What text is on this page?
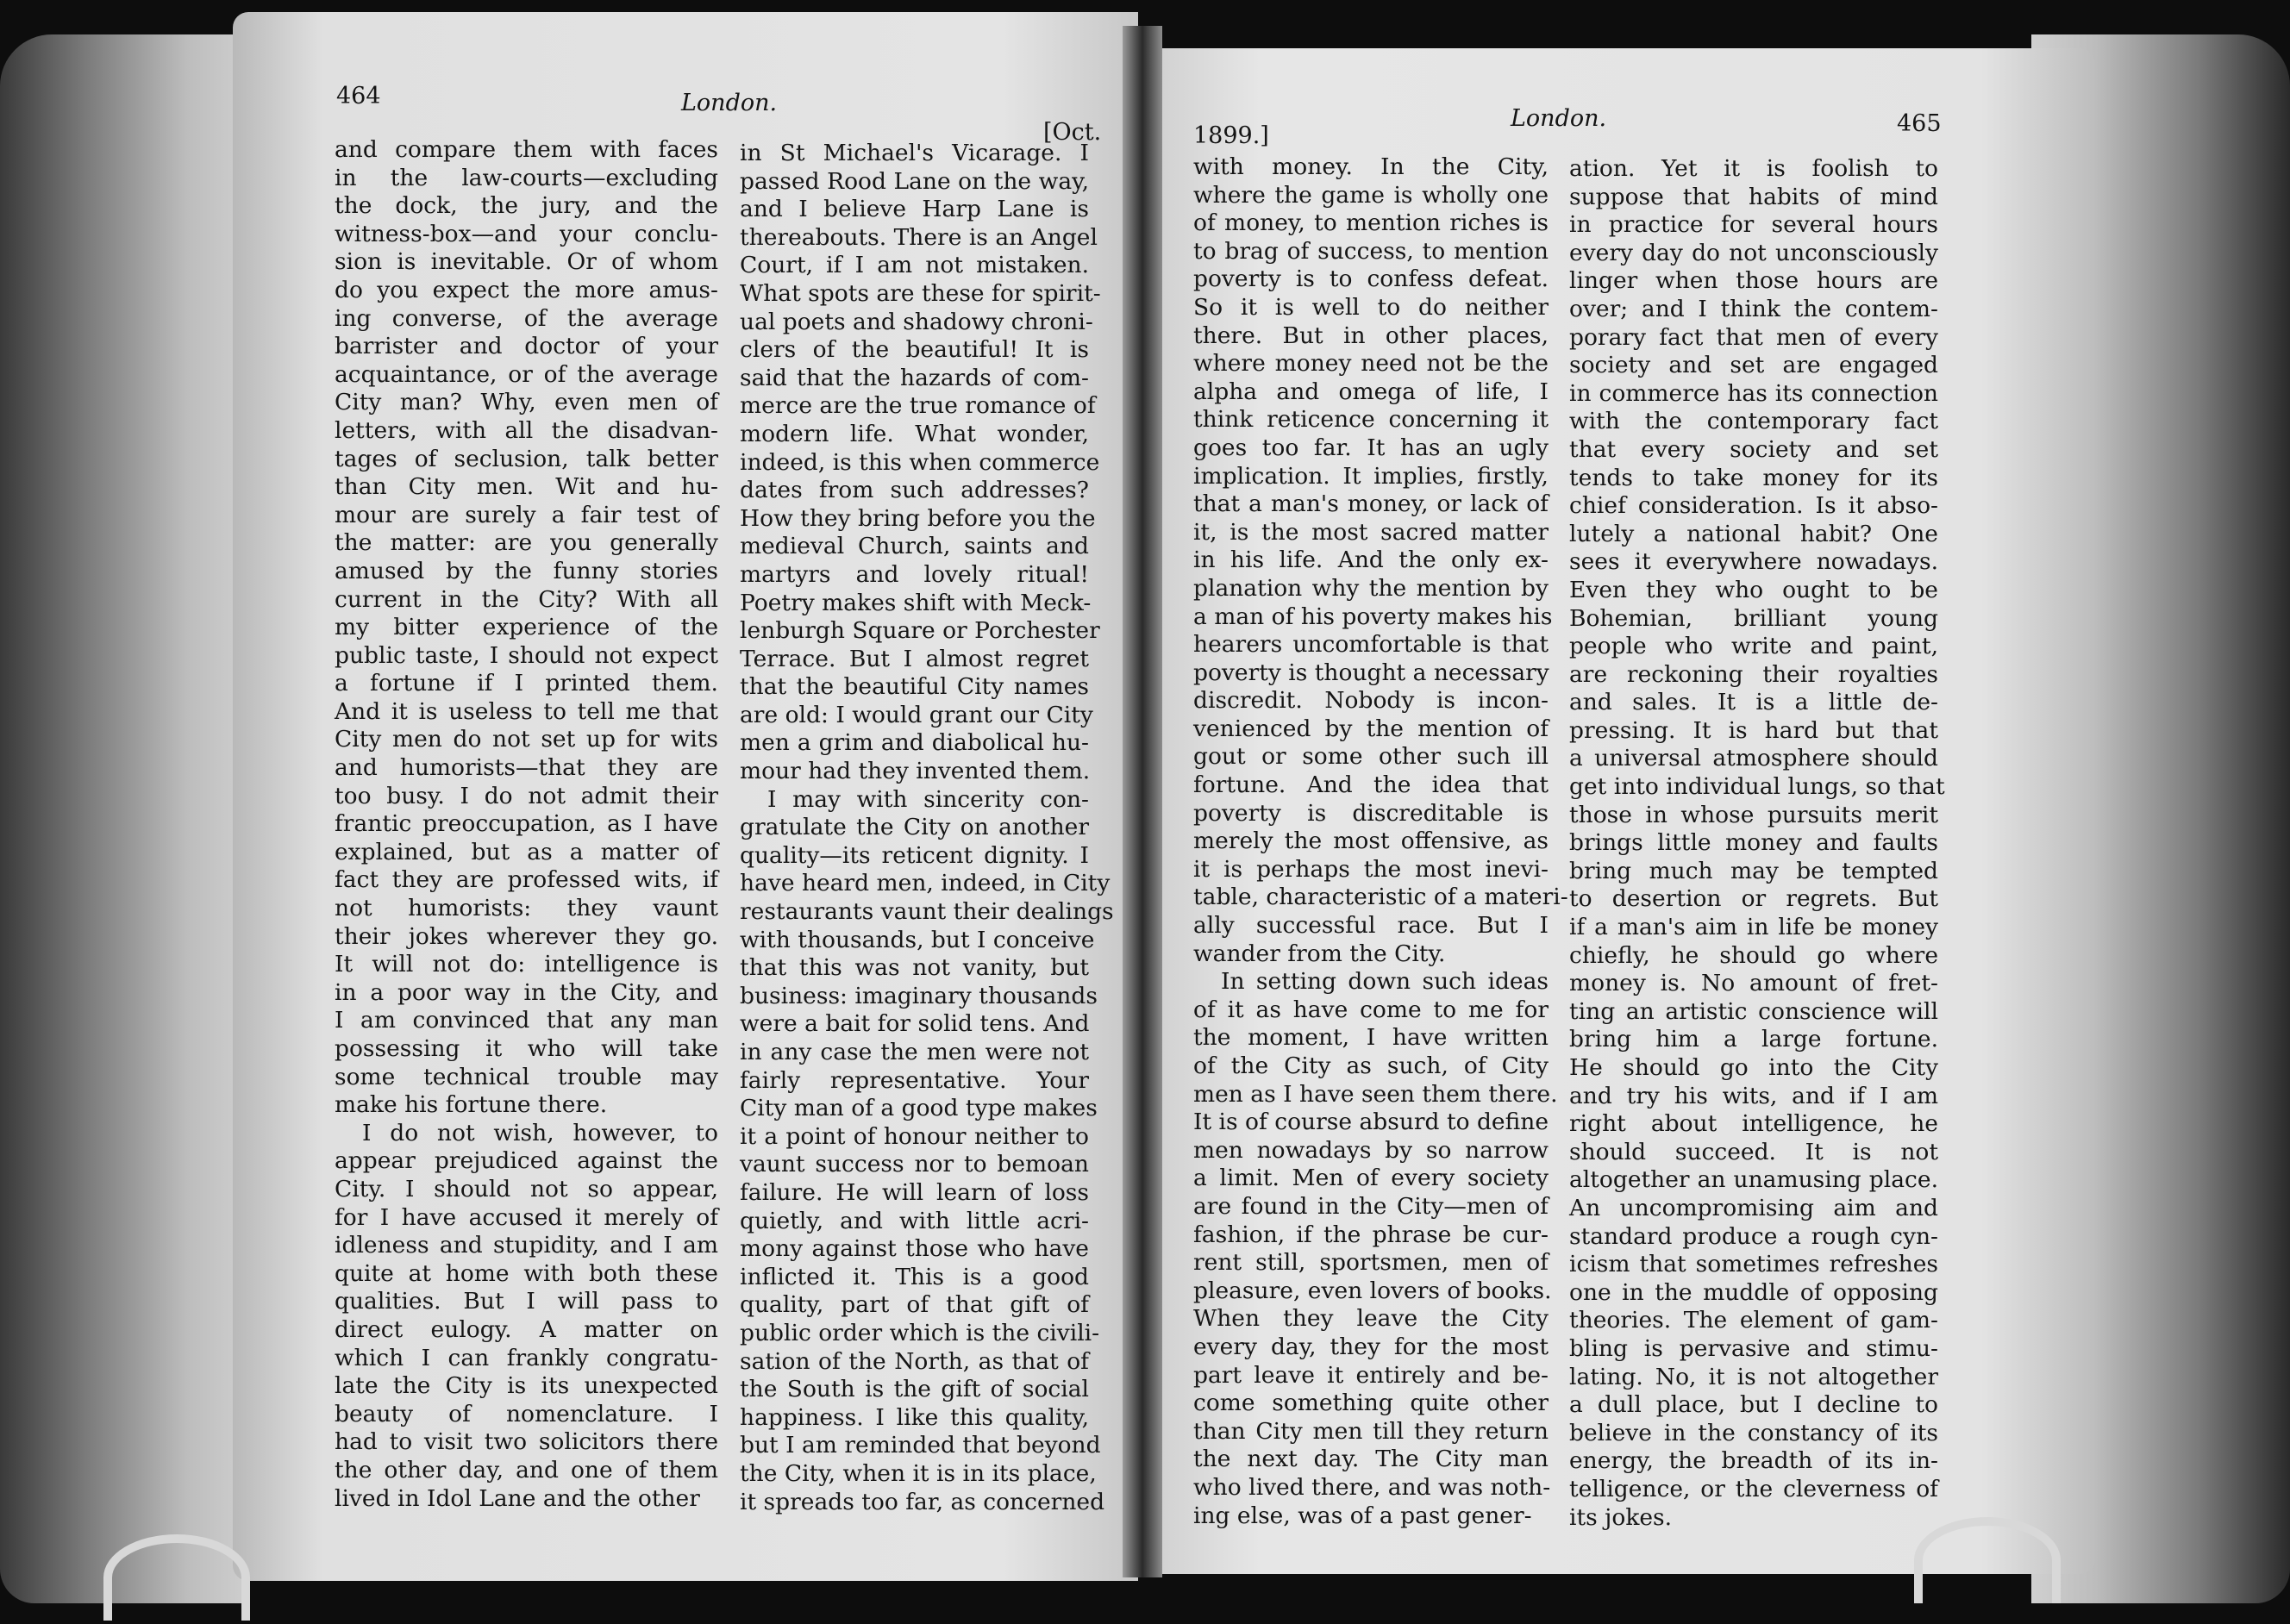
464	London.
[Oct.	1899.]
London.	465
and compare them with faces
in the law-courts—excluding
the dock, the jury, and the
witness-box—and your conclu-
sion is inevitable. Or of whom
do you expect the more amus-
ing converse, of the average
barrister and doctor of your
acquaintance, or of the average
City man? Why, even men of
letters, with all the disadvan-
tages of seclusion, talk better
than City men. Wit and hu-
mour are surely a fair test of
the matter: are you generally
amused by the funny stories
current in the City? With all
my bitter experience of the
public taste, I should not expect
a fortune if I printed them.
And it is useless to tell me that
City men do not set up for wits
and humorists—that they are
too busy. I do not admit their
frantic preoccupation, as I have
explained, but as a matter of
fact they are professed wits, if
not humorists: they vaunt
their jokes wherever they go.
It will not do: intelligence is
in a poor way in the City, and
I am convinced that any man
possessing it who will take
some technical trouble may
make his fortune there.
I do not wish, however, to
appear prejudiced against the
City. I should not so appear,
for I have accused it merely of
idleness and stupidity, and I am
quite at home with both these
qualities. But I will pass to
direct eulogy. A matter on
which I can frankly congratu-
late the City is its unexpected
beauty of nomenclature. I
had to visit two solicitors there
the other day, and one of them
lived in Idol Lane and the other
in St Michael's Vicarage. I
passed Rood Lane on the way,
and I believe Harp Lane is
thereabouts. There is an Angel
Court, if I am not mistaken.
What spots are these for spirit-
ual poets and shadowy chroni-
clers of the beautiful! It is
said that the hazards of com-
merce are the true romance of
modern life. What wonder,
indeed, is this when commerce
dates from such addresses?
How they bring before you the
medieval Church, saints and
martyrs and lovely ritual!
Poetry makes shift with Meck-
lenburgh Square or Porchester
Terrace. But I almost regret
that the beautiful City names
are old: I would grant our City
men a grim and diabolical hu-
mour had they invented them.
I may with sincerity con-
gratulate the City on another
quality—its reticent dignity. I
have heard men, indeed, in City
restaurants vaunt their dealings
with thousands, but I conceive
that this was not vanity, but
business: imaginary thousands
were a bait for solid tens. And
in any case the men were not
fairly representative. Your
City man of a good type makes
it a point of honour neither to
vaunt success nor to bemoan
failure. He will learn of loss
quietly, and with little acri-
mony against those who have
inflicted it. This is a good
quality, part of that gift of
public order which is the civili-
sation of the North, as that of
the South is the gift of social
happiness. I like this quality,
but I am reminded that beyond
the City, when it is in its place,
it spreads too far, as concerned
with money. In the City,
where the game is wholly one
of money, to mention riches is
to brag of success, to mention
poverty is to confess defeat.
So it is well to do neither
there. But in other places,
where money need not be the
alpha and omega of life, I
think reticence concerning it
goes too far. It has an ugly
implication. It implies, firstly,
that a man's money, or lack of
it, is the most sacred matter
in his life. And the only ex-
planation why the mention by
a man of his poverty makes his
hearers uncomfortable is that
poverty is thought a necessary
discredit. Nobody is incon-
venienced by the mention of
gout or some other such ill
fortune. And the idea that
poverty is discreditable is
merely the most offensive, as
it is perhaps the most inevi-
table, characteristic of a materi-
ally successful race. But I
wander from the City.
In setting down such ideas
of it as have come to me for
the moment, I have written
of the City as such, of City
men as I have seen them there.
It is of course absurd to define
men nowadays by so narrow
a limit. Men of every society
are found in the City—men of
fashion, if the phrase be cur-
rent still, sportsmen, men of
pleasure, even lovers of books.
When they leave the City
every day, they for the most
part leave it entirely and be-
come something quite other
than City men till they return
the next day. The City man
who lived there, and was noth-
ing else, was of a past gener-
ation. Yet it is foolish to
suppose that habits of mind
in practice for several hours
every day do not unconsciously
linger when those hours are
over; and I think the contem-
porary fact that men of every
society and set are engaged
in commerce has its connection
with the contemporary fact
that every society and set
tends to take money for its
chief consideration. Is it abso-
lutely a national habit? One
sees it everywhere nowadays.
Even they who ought to be
Bohemian, brilliant young
people who write and paint,
are reckoning their royalties
and sales. It is a little de-
pressing. It is hard but that
a universal atmosphere should
get into individual lungs, so that
those in whose pursuits merit
brings little money and faults
bring much may be tempted
to desertion or regrets. But
if a man's aim in life be money
chiefly, he should go where
money is. No amount of fret-
ting an artistic conscience will
bring him a large fortune.
He should go into the City
and try his wits, and if I am
right about intelligence, he
should succeed. It is not
altogether an unamusing place.
An uncompromising aim and
standard produce a rough cyn-
icism that sometimes refreshes
one in the muddle of opposing
theories. The element of gam-
bling is pervasive and stimu-
lating. No, it is not altogether
a dull place, but I decline to
believe in the constancy of its
energy, the breadth of its in-
telligence, or the cleverness of
its jokes.
